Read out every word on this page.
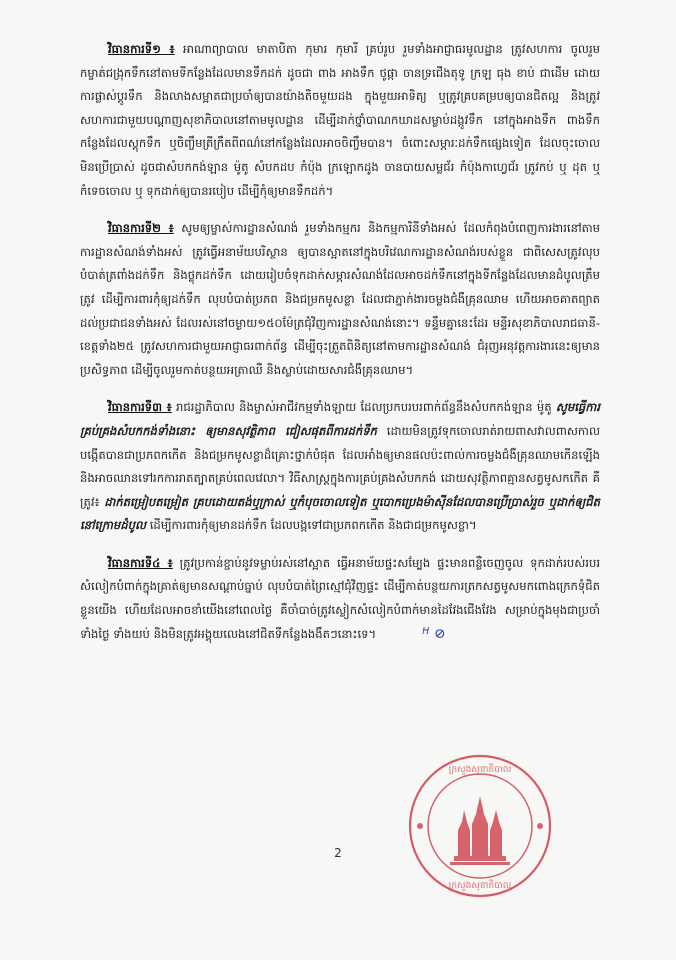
វិធានការទី១ ៖ អាណាព្យាបាល មាតាបិតា កុមារ កុមារី គ្រប់រូប រួមទាំងអាជ្ញាធរមូលដ្ឋាន ត្រូវសហការ ចូលរួមកម្ចាត់ជង្រុកទឹកនៅតាមទីកន្លែងដែលមានទឹកដក់ ដូចជា ពាង អាងទឹក ថូផ្កា ចានទ្រជើងតុទូ ក្រឡ ធុង ខាប់ ជាដើម ដោយការផ្លាស់ប្តូរទឹក និងលាងសម្អាតជាប្រចាំឲ្យបានយ៉ាងតិចមួយដង ក្នុងមួយអាទិត្យ ឬត្រូវគ្របគម្របឲ្យបានជិតល្អ និងត្រូវសហការជាមួយបណ្តាញសុខាភិបាលនៅតាមមូលដ្ឋាន ដើម្បីដាក់ថ្នាំបាណកឃាដសម្លាប់ដង្កូវទឹក នៅក្នុងអាងទឹក ពាងទឹក កន្លែងដែលស្តុកទឹក ឬចិញ្ចឹមត្រីក្រឹតពីពណ៌នៅកន្លែងដែលអាចចិញ្ចឹមបាន។ ចំពោះសម្ភារៈដក់ទឹកផ្សេងទៀត ដែលចុះចោលមិនប្រើប្រាស់ ដូចជាសំបកកង់ឡាន ម៉ូតូ សំបកដប កំប៉ុង ក្រឡោកដូង ចានបាយសម្លជ័រ កំប៉ុងកាហ្វេជ័រ ត្រូវកប់ ឬ ដុត ឬ កំទេចចោល ឬ ទុកដាក់ឲ្យបានរបៀប ដើម្បីកុំឲ្យមានទឹកដក់។

វិធានការទី២ ៖ សូមឲ្យម្ចាស់ការដ្ឋានសំណង់ រួមទាំងកម្មករ និងកម្មការិនីទាំងអស់ ដែលកំពុងបំពេញការងារនៅតាមការដ្ឋានសំណង់ទាំងអស់ ត្រូវធ្វើអនាម័យបរិស្ថាន ឲ្យបានស្អាតនៅក្នុងបរិវេណការដ្ឋានសំណង់របស់ខ្លួន ជាពិសេសត្រូវលុបបំបាត់ត្រពាំងដក់ទឹក និងថ្លុកដក់ទឹក ដោយរៀបចំទុកដាក់សម្ភារសំណង់ដែលអាចដក់ទឹកនៅក្នុងទីកន្លែងដែលមានដំបូលត្រឹមត្រូវ ដើម្បីការពារកុំឲ្យដក់ទឹក លុបបំបាត់ប្រភព និងជម្រកមូសខ្លា ដែលជាភ្នាក់ងារចម្លងជំងឺគ្រុនឈាម ហើយអាចគាតព្យាតដល់ប្រជាជនទាំងអស់ ដែលរស់នៅចម្ងាយ១៥០ម៉ែត្រជុំវិញការដ្ឋានសំណង់នោះ។ ទន្ទឹមគ្នានេះដែរ មន្ទីរសុខាភិបាលរាជធានី-ខេត្តទាំង២៥ ត្រូវសហការជាមួយអាជ្ញាធរពាក់ព័ន្ធ ដើម្បីចុះត្រួតពិនិត្យនៅតាមការដ្ឋានសំណង់ ជំរុញអនុវត្តការងារនេះឲ្យមានប្រសិទ្ធភាព ដើម្បីចូលរួមកាត់បន្ថយអត្រាឈឺ និងស្លាប់ដោយសារជំងឺគ្រុនឈាម។

វិធានការទី៣ ៖ រាជរដ្ឋាភិបាល និងម្ចាស់អាជីវកម្មទាំងឡាយ ដែលប្រកបរបរពាក់ព័ន្ធនឹងសំបកកង់ឡាន ម៉ូតូ សូមធ្វើការគ្រប់គ្រងសំបកកង់ទាំងនោះ ឲ្យមានសុវត្ថិភាព ជៀសផុតពីការដក់ទឹក ដោយមិនត្រូវទុកចោលរាត់រាយពាសវាលពាសកាល បង្កើតបានជាប្រភពកកើត និងជម្រកមូសខ្លាដ៏គ្រោះថ្នាក់បំផុត ដែលអាំងឲ្យមានផលប៉ះពាល់ការចម្លងជំងឺគ្រុនឈាមកើនឡើង និងអាចឈានទៅរកការរាតត្បាតគ្រប់ពេលវេលា។ វិធីសាស្ត្រក្នុងការគ្រប់គ្រងសំបកកង់ ដោយសុវត្ថិភាពគ្មានសត្វមូសកកើត គឺត្រូវ៖ ដាក់តម្រៀបតម្រៀត គ្របដោយតង់ឬក្រាស់ ឬកំបុចចោលទៀត ឬបោកប្រេងម៉ាស៊ីនដែលបានប្រើប្រាស់រួច ឬដាក់ឲ្យជិតនៅក្រោមដំបូល ដើម្បីការពារកុំឲ្យមានដក់ទឹក ដែលបង្កទៅជាប្រភពកកើត និងជាជម្រកមូសខ្លា។

វិធានការទី៤ ៖ ត្រូវប្រកាន់ខ្ជាប់នូវទម្លាប់រស់នៅស្អាត ធ្វើអនាម័យផ្ទះសម្បែង ផ្ទះមានពន្លឺចេញចូល ទុកដាក់របស់របរ សំលៀកបំពាក់ក្នុងគ្រាត់ឲ្យមានសណ្តាប់ធ្នាប់ លុបបំបាត់ព្រៃស្មៅជុំវិញផ្ទះ ដើម្បីកាត់បន្ថយការត្រកសត្វមូសមកពោងក្រេកទុំជិតខ្លួនយើង ហើយដែលអាចខាំយើងនៅពេលថ្ងៃ គឺចាំបាច់ត្រូវស្លៀកសំលៀកបំពាក់មានដៃវែងជើងវែង សម្រាប់ក្នុងមុងជាប្រចាំ ទាំងថ្ងៃ ទាំងយប់ និងមិនត្រូវអង្គុយលេងនៅជិតទីកន្លែងងងឹតៗនោះទេ។	ꟸ ⊘

ក្រសួងសុខាភិបាល
ក្រសួងសុខាភិបាល
2
